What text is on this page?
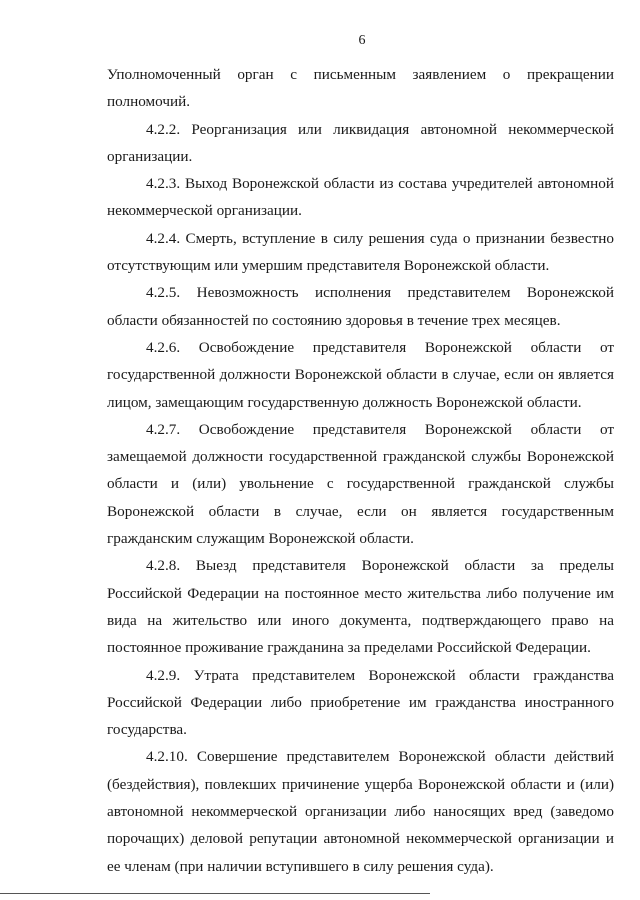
6

Уполномоченный орган с письменным заявлением о прекращении полномочий.

4.2.2. Реорганизация или ликвидация автономной некоммерческой организации.

4.2.3. Выход Воронежской области из состава учредителей автономной некоммерческой организации.

4.2.4. Смерть, вступление в силу решения суда о признании безвестно отсутствующим или умершим представителя Воронежской области.

4.2.5. Невозможность исполнения представителем Воронежской области обязанностей по состоянию здоровья в течение трех месяцев.

4.2.6. Освобождение представителя Воронежской области от государственной должности Воронежской области в случае, если он является лицом, замещающим государственную должность Воронежской области.

4.2.7. Освобождение представителя Воронежской области от замещаемой должности государственной гражданской службы Воронежской области и (или) увольнение с государственной гражданской службы Воронежской области в случае, если он является государственным гражданским служащим Воронежской области.

4.2.8. Выезд представителя Воронежской области за пределы Российской Федерации на постоянное место жительства либо получение им вида на жительство или иного документа, подтверждающего право на постоянное проживание гражданина за пределами Российской Федерации.

4.2.9. Утрата представителем Воронежской области гражданства Российской Федерации либо приобретение им гражданства иностранного государства.

4.2.10. Совершение представителем Воронежской области действий (бездействия), повлекших причинение ущерба Воронежской области и (или) автономной некоммерческой организации либо наносящих вред (заведомо порочащих) деловой репутации автономной некоммерческой организации и ее членам (при наличии вступившего в силу решения суда).
